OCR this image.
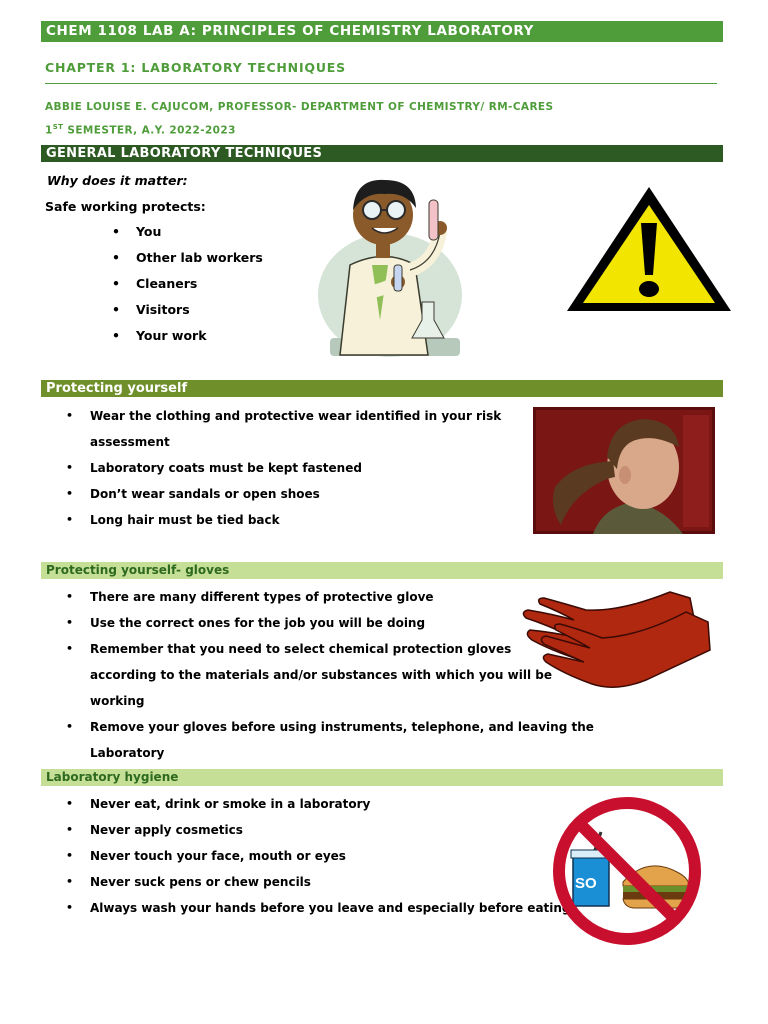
CHEM 1108 LAB A: PRINCIPLES OF CHEMISTRY LABORATORY
CHAPTER 1: LABORATORY TECHNIQUES
ABBIE LOUISE E. CAJUCOM, PROFESSOR- DEPARTMENT OF CHEMISTRY/ RM-CARES
1ST SEMESTER, A.Y. 2022-2023
GENERAL LABORATORY TECHNIQUES
Why does it matter:
Safe working protects:
• You
• Other lab workers
• Cleaners
• Visitors
• Your work
Protecting yourself
• Wear the clothing and protective wear identified in your risk assessment
• Laboratory coats must be kept fastened
• Don’t wear sandals or open shoes
• Long hair must be tied back
Protecting yourself- gloves
• There are many different types of protective glove
• Use the correct ones for the job you will be doing
• Remember that you need to select chemical protection gloves according to the materials and/or substances with which you will be working
• Remove your gloves before using instruments, telephone, and leaving the Laboratory
Laboratory hygiene
• Never eat, drink or smoke in a laboratory
• Never apply cosmetics
• Never touch your face, mouth or eyes
• Never suck pens or chew pencils
• Always wash your hands before you leave and especially before eating
SO
